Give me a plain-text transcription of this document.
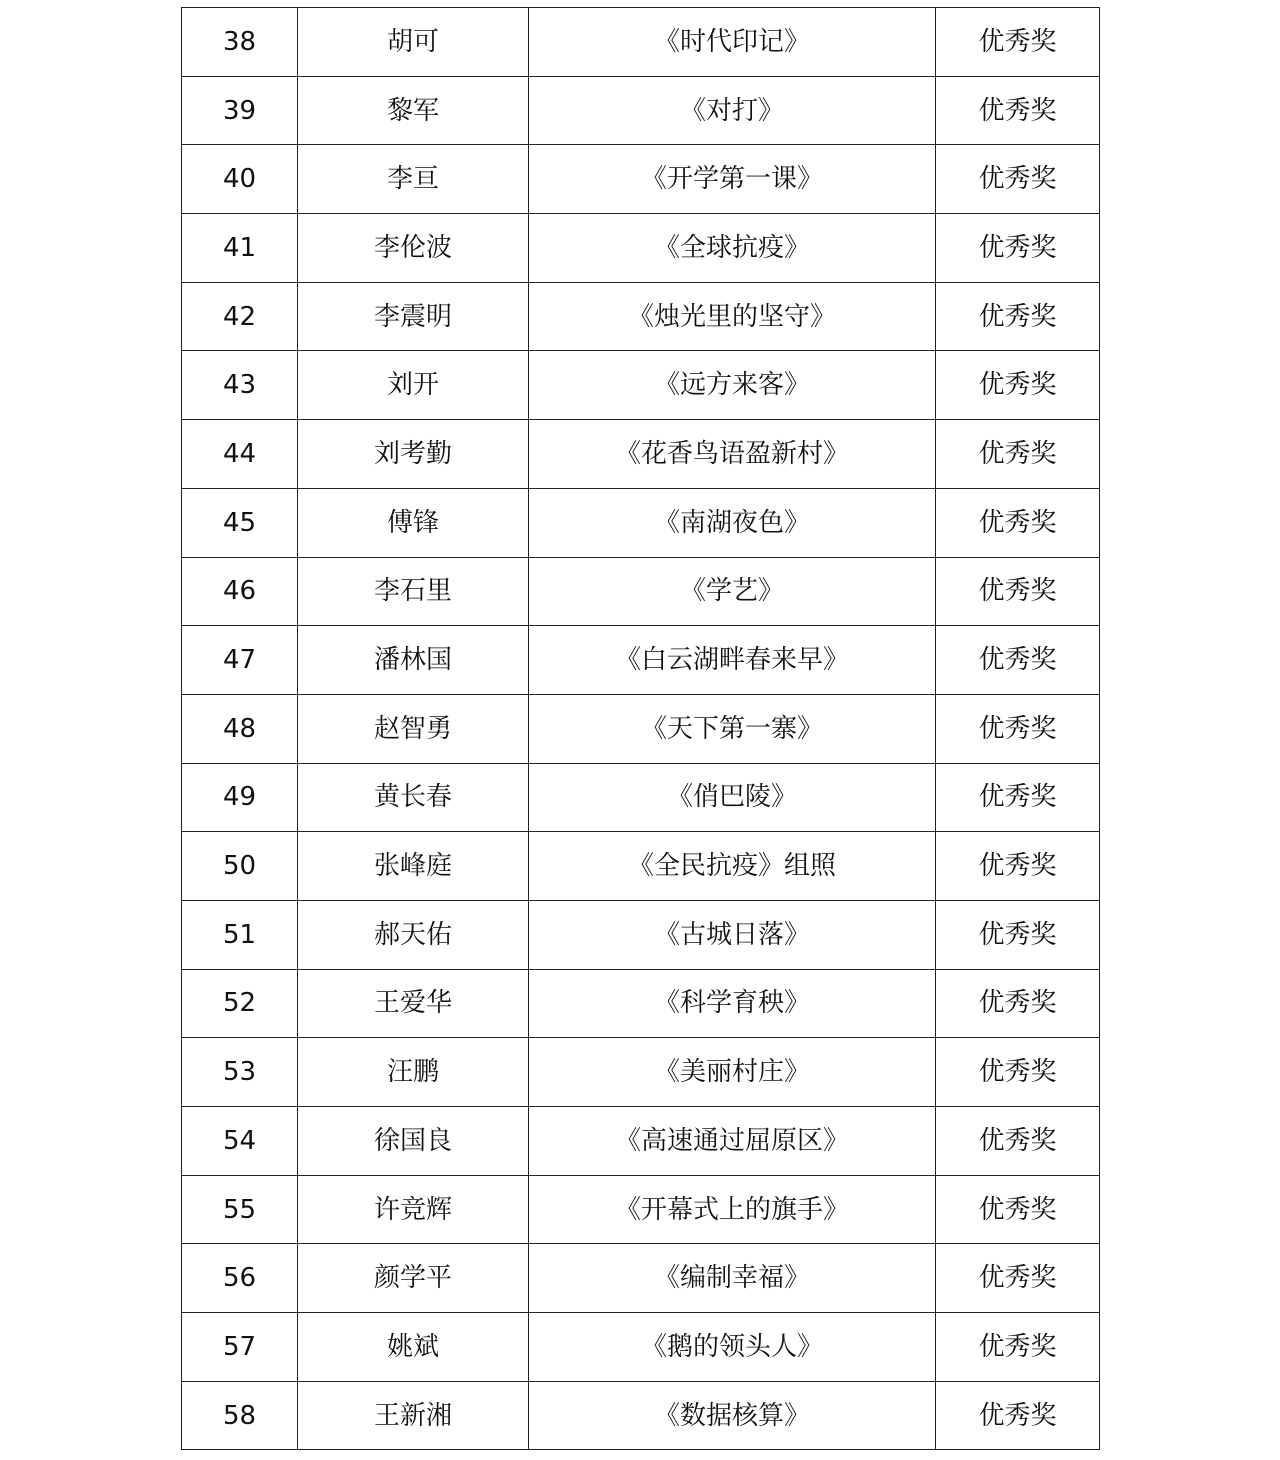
38	胡可	《时代印记》	优秀奖
39	黎军	《对打》	优秀奖
40	李亘	《开学第一课》	优秀奖
41	李伦波	《全球抗疫》	优秀奖
42	李震明	《烛光里的坚守》	优秀奖
43	刘开	《远方来客》	优秀奖
44	刘考勤	《花香鸟语盈新村》	优秀奖
45	傅锋	《南湖夜色》	优秀奖
46	李石里	《学艺》	优秀奖
47	潘林国	《白云湖畔春来早》	优秀奖
48	赵智勇	《天下第一寨》	优秀奖
49	黄长春	《俏巴陵》	优秀奖
50	张峰庭	《全民抗疫》组照	优秀奖
51	郝天佑	《古城日落》	优秀奖
52	王爱华	《科学育秧》	优秀奖
53	汪鹏	《美丽村庄》	优秀奖
54	徐国良	《高速通过屈原区》	优秀奖
55	许竞辉	《开幕式上的旗手》	优秀奖
56	颜学平	《编制幸福》	优秀奖
57	姚斌	《鹅的领头人》	优秀奖
58	王新湘	《数据核算》	优秀奖
